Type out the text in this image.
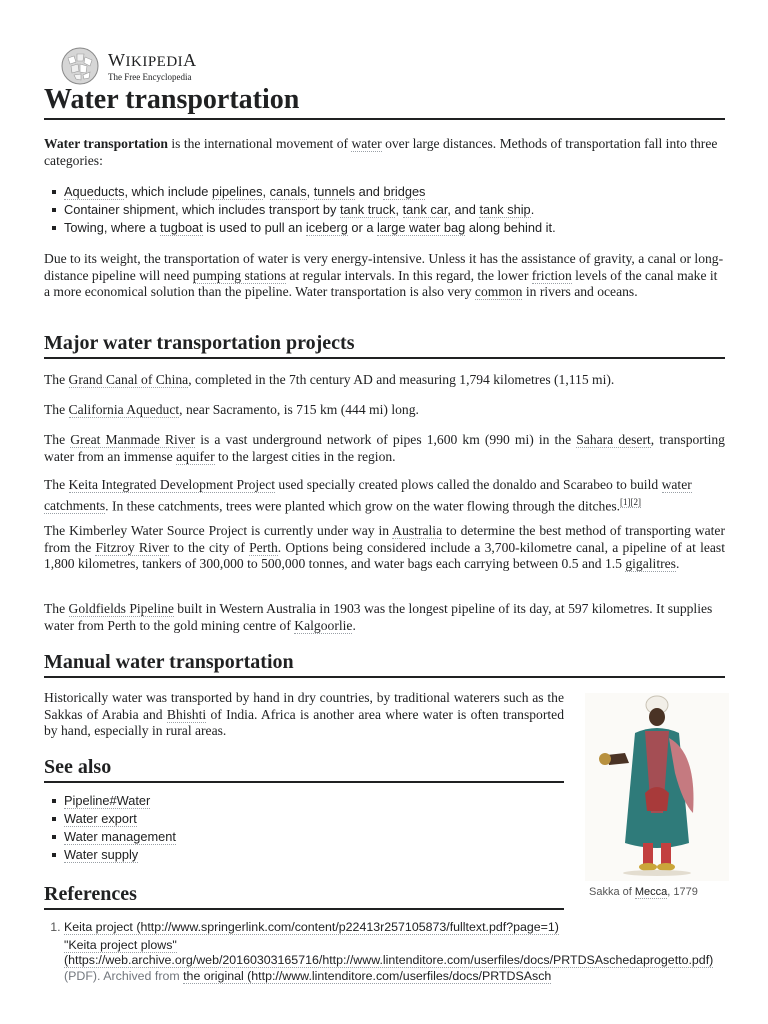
WIKIPEDIA
The Free Encyclopedia
Water transportation

Water transportation is the international movement of water over large distances. Methods of transportation fall into three categories:

Aqueducts, which include pipelines, canals, tunnels and bridges
Container shipment, which includes transport by tank truck, tank car, and tank ship.
Towing, where a tugboat is used to pull an iceberg or a large water bag along behind it.

Due to its weight, the transportation of water is very energy-intensive. Unless it has the assistance of gravity, a canal or long-distance pipeline will need pumping stations at regular intervals. In this regard, the lower friction levels of the canal make it a more economical solution than the pipeline. Water transportation is also very common in rivers and oceans.

Major water transportation projects

The Grand Canal of China, completed in the 7th century AD and measuring 1,794 kilometres (1,115 mi).

The California Aqueduct, near Sacramento, is 715 km (444 mi) long.

The Great Manmade River is a vast underground network of pipes 1,600 km (990 mi) in the Sahara desert, transporting water from an immense aquifer to the largest cities in the region.

The Keita Integrated Development Project used specially created plows called the donaldo and Scarabeo to build water catchments. In these catchments, trees were planted which grow on the water flowing through the ditches.[1][2]

The Kimberley Water Source Project is currently under way in Australia to determine the best method of transporting water from the Fitzroy River to the city of Perth. Options being considered include a 3,700-kilometre canal, a pipeline of at least 1,800 kilometres, tankers of 300,000 to 500,000 tonnes, and water bags each carrying between 0.5 and 1.5 gigalitres.

The Goldfields Pipeline built in Western Australia in 1903 was the longest pipeline of its day, at 597 kilometres. It supplies water from Perth to the gold mining centre of Kalgoorlie.

Manual water transportation

Historically water was transported by hand in dry countries, by traditional waterers such as the Sakkas of Arabia and Bhishti of India. Africa is another area where water is often transported by hand, especially in rural areas.

Sakka of Mecca, 1779
See also
Pipeline#Water
Water export
Water management
Water supply
References
1. Keita project (http://www.springerlink.com/content/p22413r257105873/fulltext.pdf?page=1)
2. "Keita project plows" (https://web.archive.org/web/20160303165716/http://www.lintenditore.com/userfiles/docs/PRTDSAschedaprogetto.pdf) (PDF). Archived from the original (http://www.lintenditore.com/userfiles/docs/PRTDSAsch
